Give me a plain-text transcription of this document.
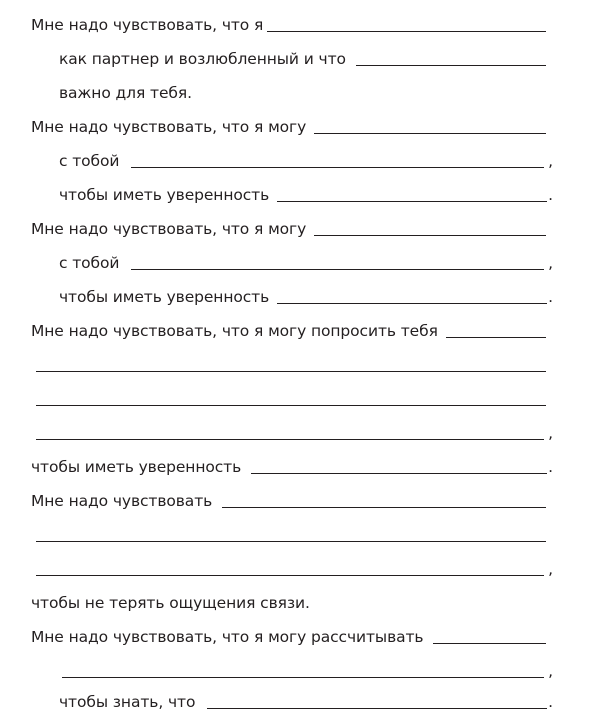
Мне надо чувствовать, что я
как партнер и возлюбленный и что
важно для тебя.
Мне надо чувствовать, что я могу
с тобой	,
чтобы иметь уверенность	.
Мне надо чувствовать, что я могу
с тобой	,
чтобы иметь уверенность	.
Мне надо чувствовать, что я могу попросить тебя
,
чтобы иметь уверенность	.
Мне надо чувствовать
,
чтобы не терять ощущения связи.
Мне надо чувствовать, что я могу рассчитывать
,
чтобы знать, что	.
